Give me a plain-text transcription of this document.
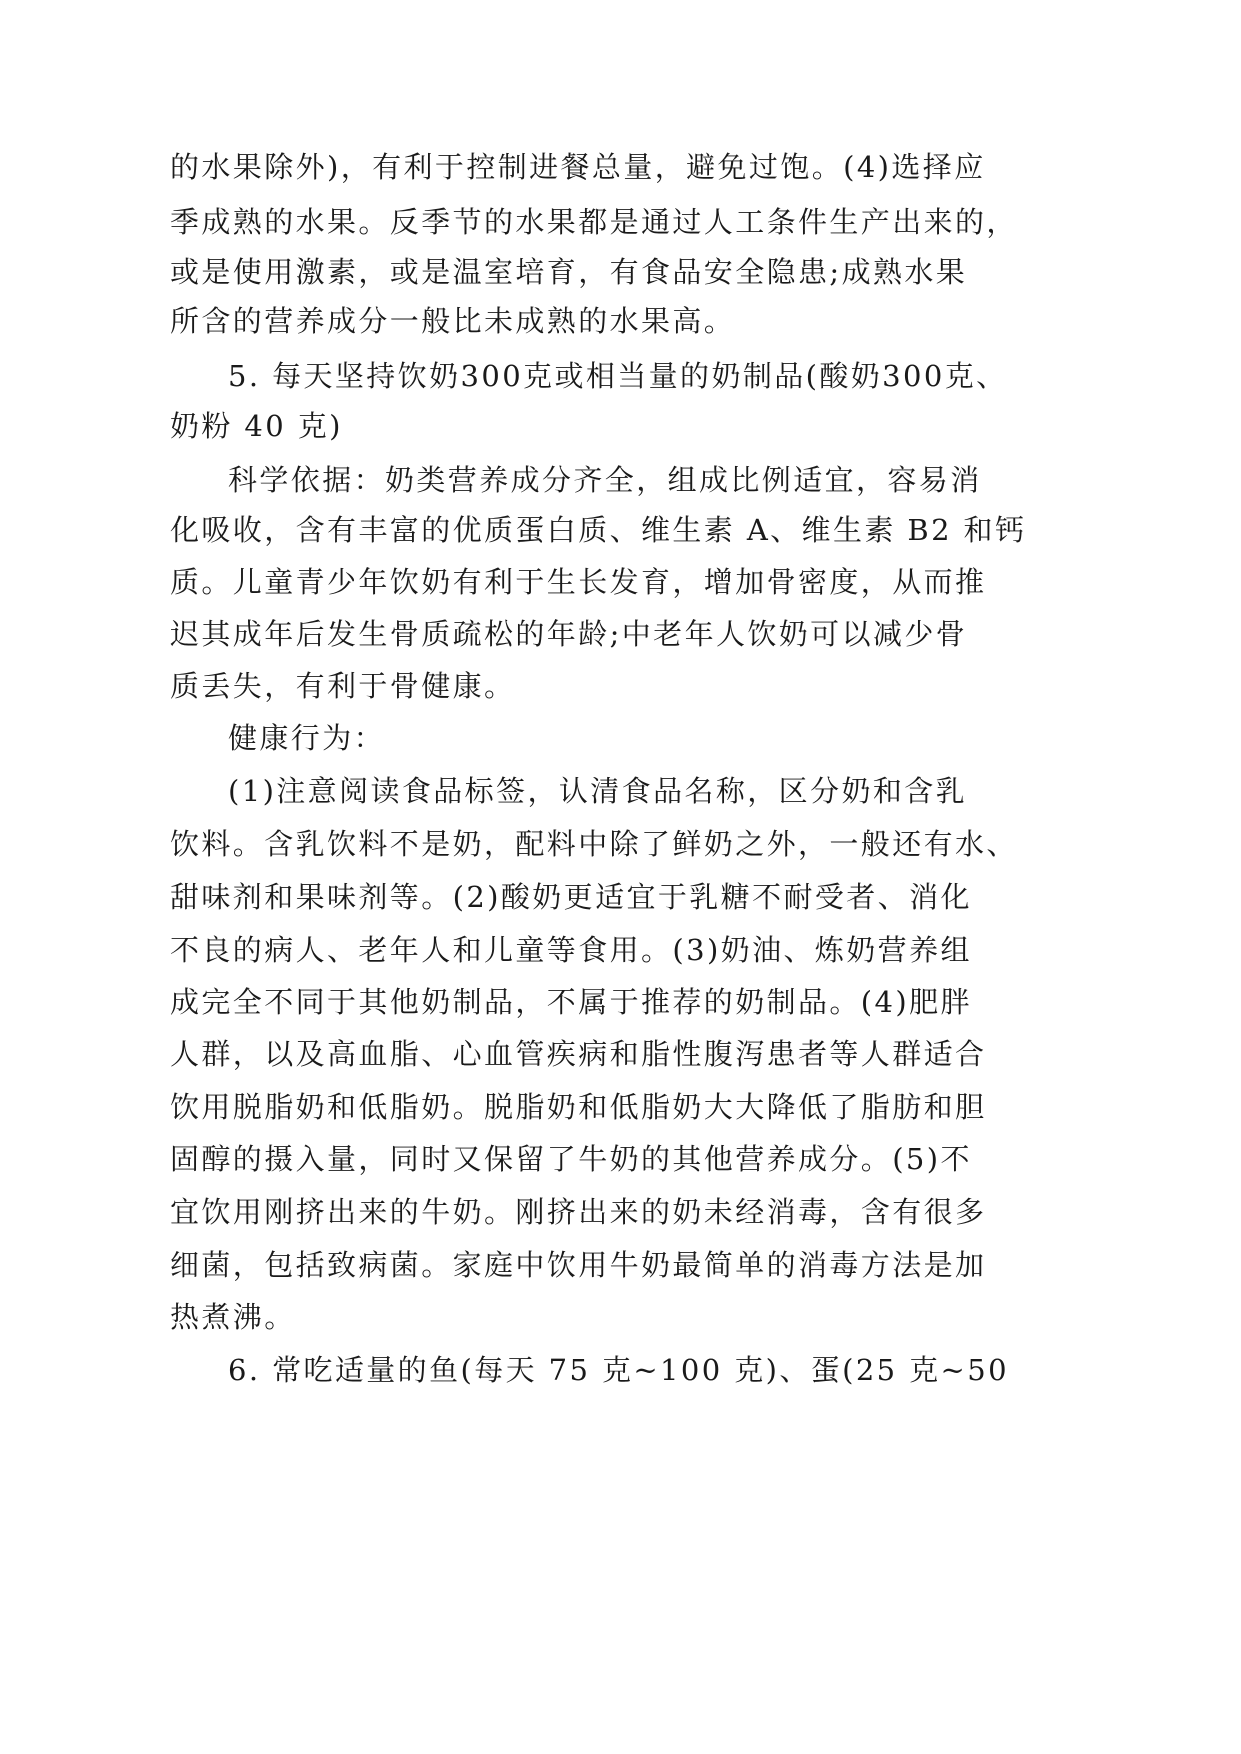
的水果除外)，有利于控制进餐总量，避免过饱。(4)选择应
季成熟的水果。反季节的水果都是通过人工条件生产出来的，
或是使用激素，或是温室培育，有食品安全隐患;成熟水果
所含的营养成分一般比未成熟的水果高。
5. 每天坚持饮奶300克或相当量的奶制品(酸奶300克、
奶粉 40 克)
科学依据：奶类营养成分齐全，组成比例适宜，容易消
化吸收，含有丰富的优质蛋白质、维生素 A、维生素 B2 和钙
质。儿童青少年饮奶有利于生长发育，增加骨密度，从而推
迟其成年后发生骨质疏松的年龄;中老年人饮奶可以减少骨
质丢失，有利于骨健康。
健康行为：
(1)注意阅读食品标签，认清食品名称，区分奶和含乳
饮料。含乳饮料不是奶，配料中除了鲜奶之外，一般还有水、
甜味剂和果味剂等。(2)酸奶更适宜于乳糖不耐受者、消化
不良的病人、老年人和儿童等食用。(3)奶油、炼奶营养组
成完全不同于其他奶制品，不属于推荐的奶制品。(4)肥胖
人群，以及高血脂、心血管疾病和脂性腹泻患者等人群适合
饮用脱脂奶和低脂奶。脱脂奶和低脂奶大大降低了脂肪和胆
固醇的摄入量，同时又保留了牛奶的其他营养成分。(5)不
宜饮用刚挤出来的牛奶。刚挤出来的奶未经消毒，含有很多
细菌，包括致病菌。家庭中饮用牛奶最简单的消毒方法是加
热煮沸。
6. 常吃适量的鱼(每天 75 克~100 克)、蛋(25 克~50
